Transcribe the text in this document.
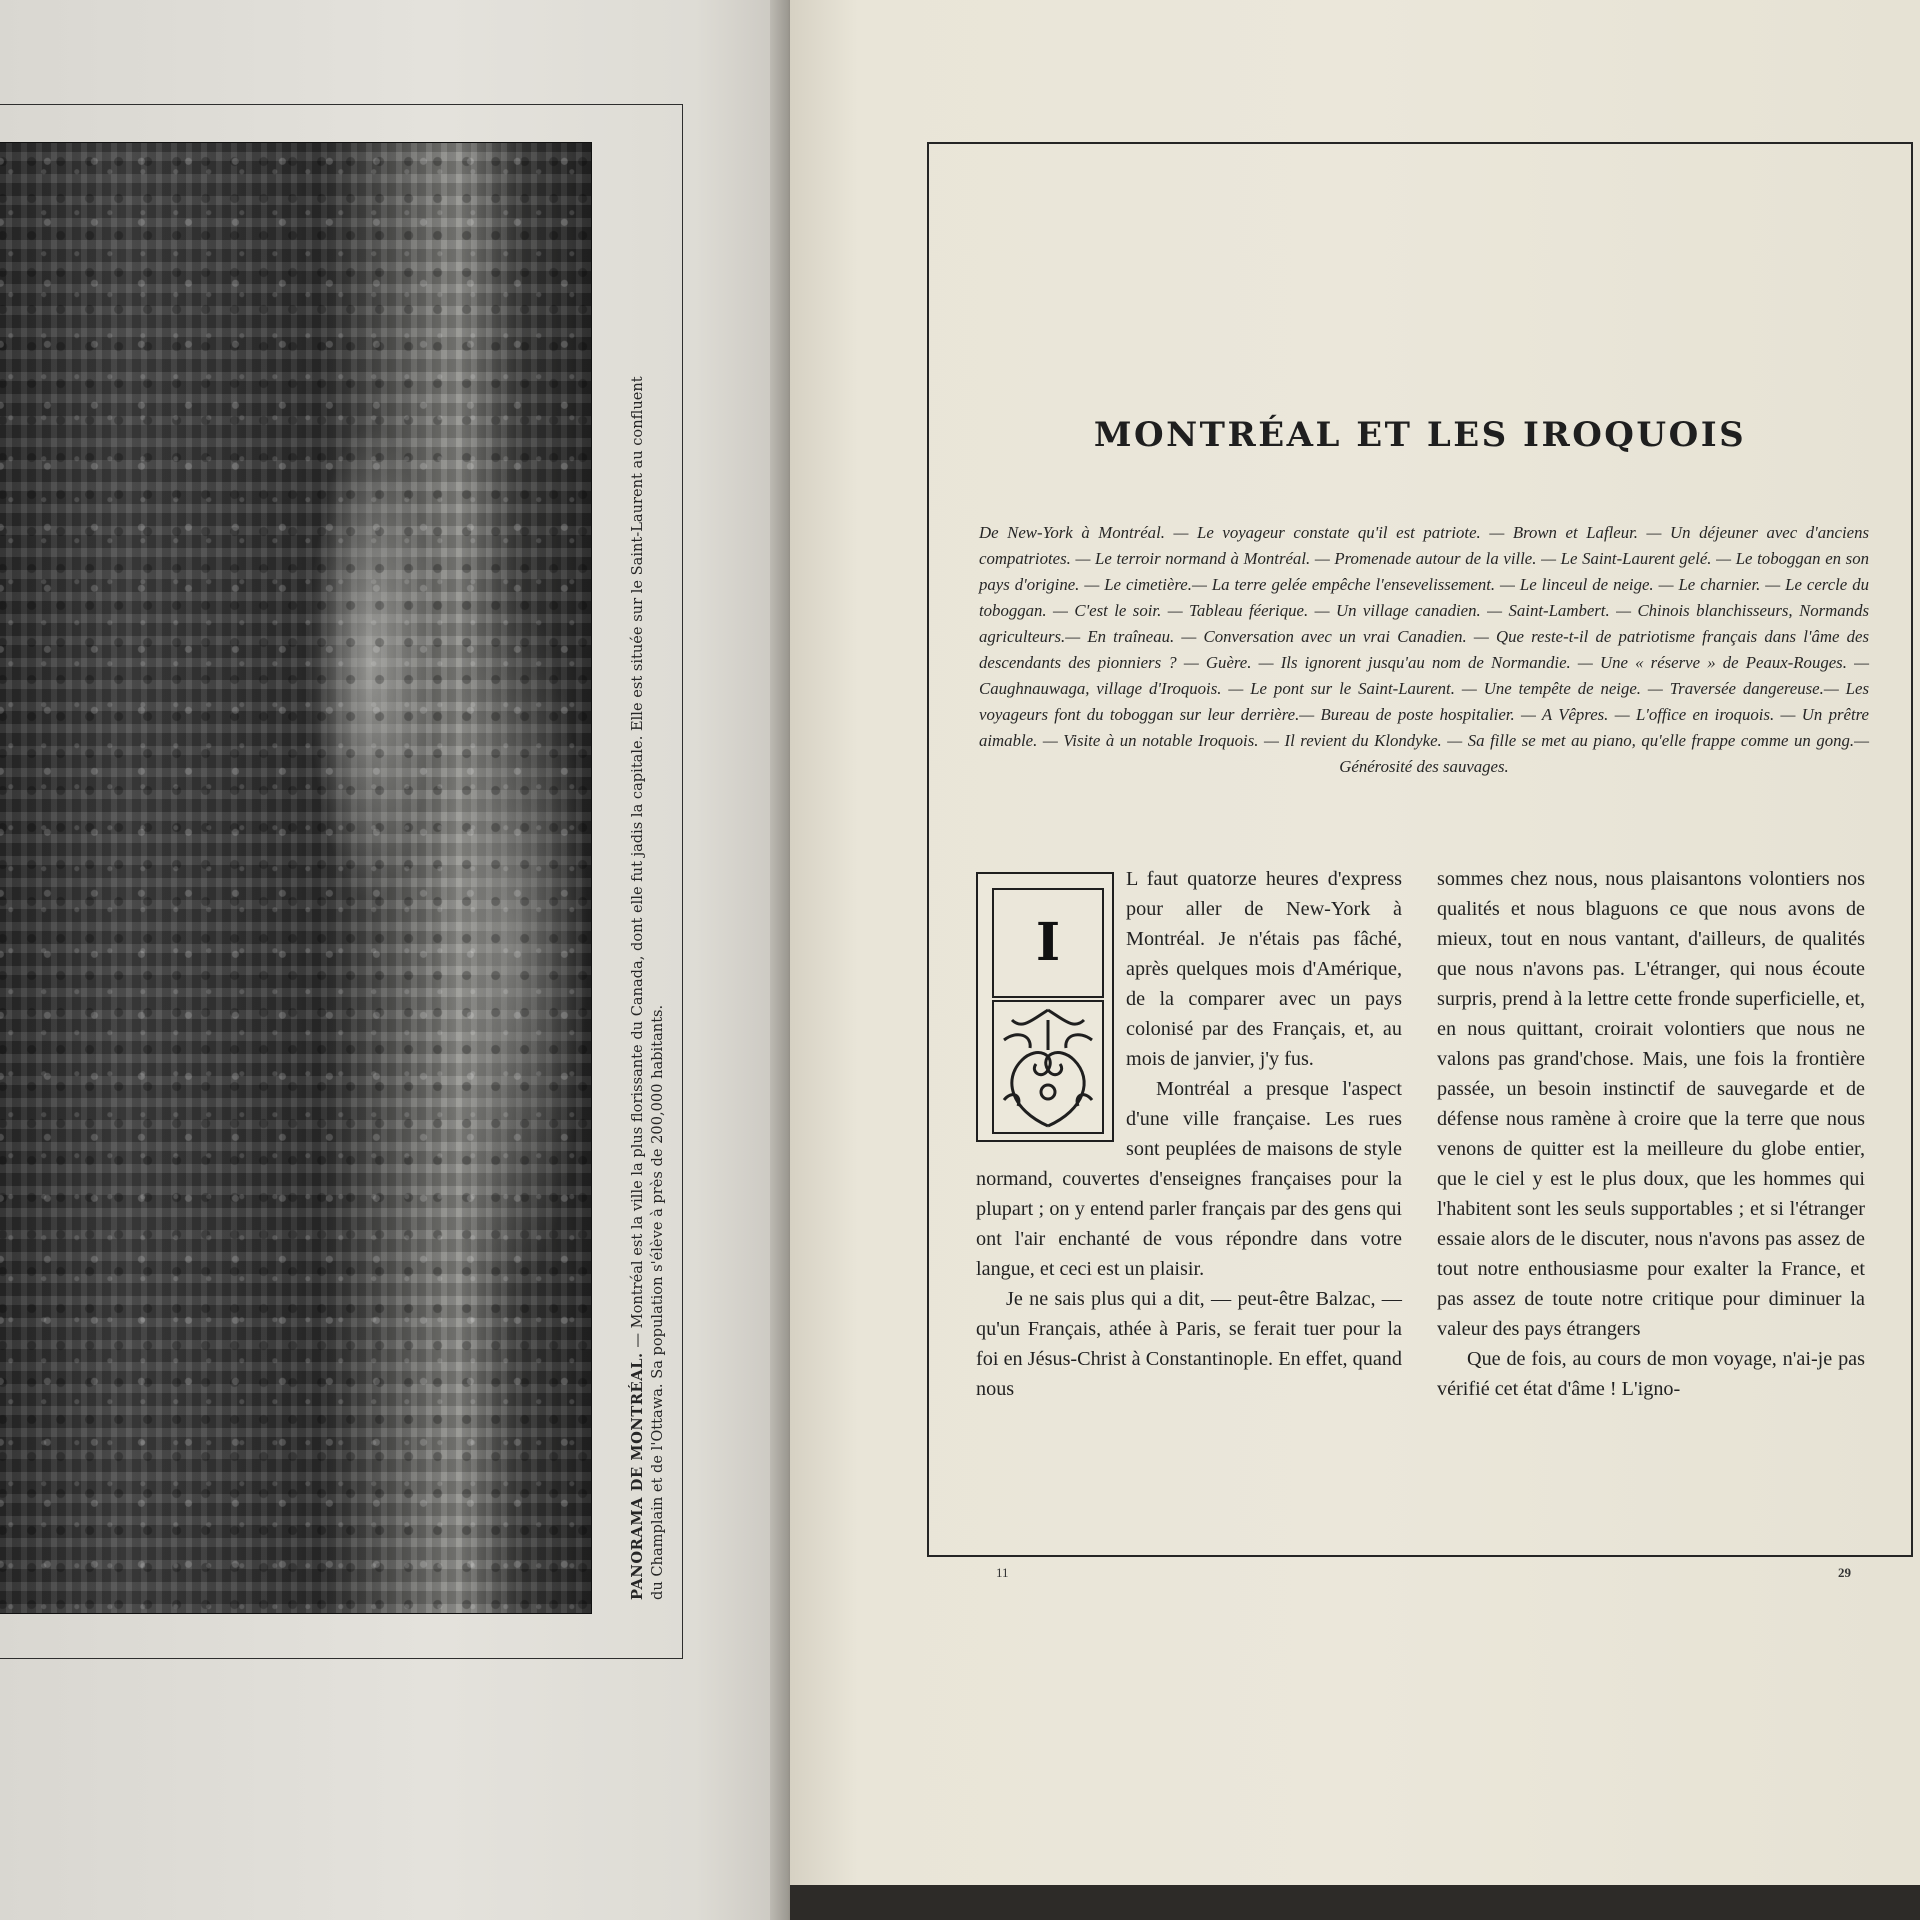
PANORAMA DE MONTRÉAL. — Montréal est la ville la plus florissante du Canada, dont elle fut jadis la capitale. Elle est située sur le Saint-Laurent au confluent du Champlain et de l'Ottawa. Sa population s'élève à près de 200,000 habitants.
MONTRÉAL ET LES IROQUOIS
De New-York à Montréal. — Le voyageur constate qu'il est patriote. — Brown et Lafleur. — Un déjeuner avec d'anciens compatriotes. — Le terroir normand à Montréal. — Promenade autour de la ville. — Le Saint-Laurent gelé. — Le toboggan en son pays d'origine. — Le cimetière.— La terre gelée empêche l'ensevelissement. — Le linceul de neige. — Le charnier. — Le cercle du toboggan. — C'est le soir. — Tableau féerique. — Un village canadien. — Saint-Lambert. — Chinois blanchisseurs, Normands agriculteurs.— En traîneau. — Conversation avec un vrai Canadien. — Que reste-t-il de patriotisme français dans l'âme des descendants des pionniers ? — Guère. — Ils ignorent jusqu'au nom de Normandie. — Une « réserve » de Peaux-Rouges. — Caughnauwaga, village d'Iroquois. — Le pont sur le Saint-Laurent. — Une tempête de neige. — Traversée dangereuse.— Les voyageurs font du toboggan sur leur derrière.— Bureau de poste hospitalier. — A Vêpres. — L'office en iroquois. — Un prêtre aimable. — Visite à un notable Iroquois. — Il revient du Klondyke. — Sa fille se met au piano, qu'elle frappe comme un gong.— Générosité des sauvages.
I

L faut quatorze heures d'express pour aller de New-York à Montréal. Je n'étais pas fâché, après quelques mois d'Amérique, de la comparer avec un pays colonisé par des Français, et, au mois de janvier, j'y fus.

Montréal a presque l'aspect d'une ville française. Les rues sont peuplées de maisons de style normand, couvertes d'enseignes françaises pour la plupart ; on y entend parler français par des gens qui ont l'air enchanté de vous répondre dans votre langue, et ceci est un plaisir.

Je ne sais plus qui a dit, — peut-être Balzac, — qu'un Français, athée à Paris, se ferait tuer pour la foi en Jésus-Christ à Constantinople. En effet, quand nous

sommes chez nous, nous plaisantons volontiers nos qualités et nous blaguons ce que nous avons de mieux, tout en nous vantant, d'ailleurs, de qualités que nous n'avons pas. L'étranger, qui nous écoute surpris, prend à la lettre cette fronde superficielle, et, en nous quittant, croirait volontiers que nous ne valons pas grand'chose. Mais, une fois la frontière passée, un besoin instinctif de sauvegarde et de défense nous ramène à croire que la terre que nous venons de quitter est la meilleure du globe entier, que le ciel y est le plus doux, que les hommes qui l'habitent sont les seuls supportables ; et si l'étranger essaie alors de le discuter, nous n'avons pas assez de tout notre enthousiasme pour exalter la France, et pas assez de toute notre critique pour diminuer la valeur des pays étrangers

Que de fois, au cours de mon voyage, n'ai-je pas vérifié cet état d'âme ! L'igno-

11	29
